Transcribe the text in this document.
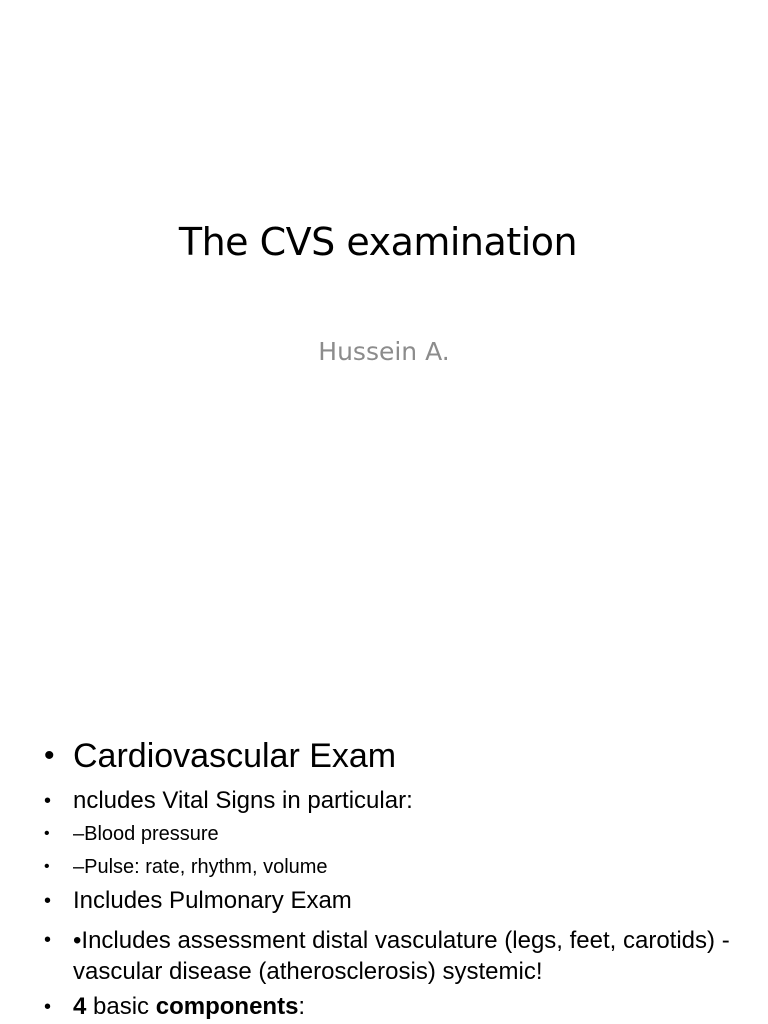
The CVS examination
Hussein A.
• Cardiovascular Exam
• ncludes Vital Signs in particular:
• –Blood pressure
• –Pulse: rate, rhythm, volume
• Includes Pulmonary Exam
• •Includes assessment distal vasculature (legs, feet, carotids) - vascular disease (atherosclerosis) systemic!
• 4 basic components:
